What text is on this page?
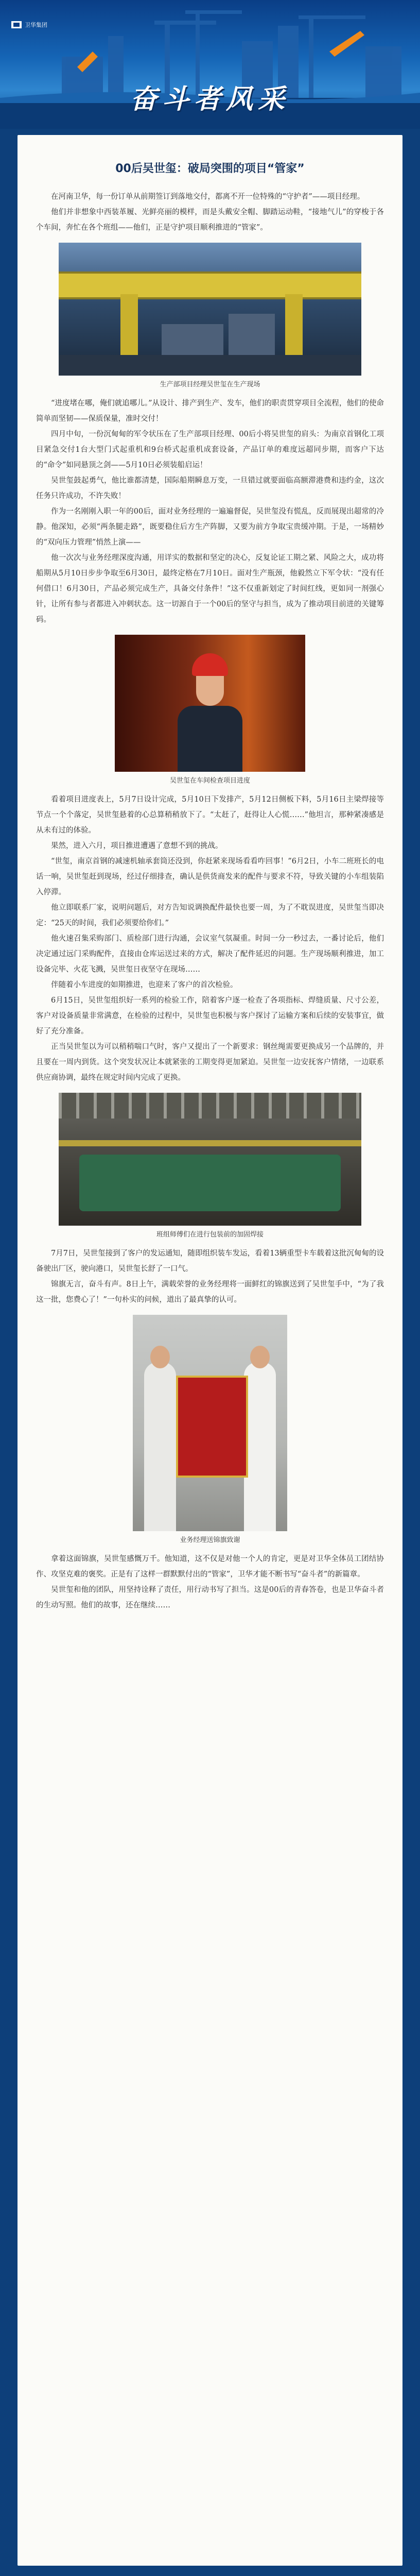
卫华集团
奋斗者风采
00后吴世玺：破局突围的项目“管家”

在河南卫华，每一份订单从前期签订到落地交付，都离不开一位特殊的“守护者”——项目经理。

他们并非想象中西装革履、光鲜亮丽的模样，而是头戴安全帽、脚踏运动鞋，“接地气儿”的穿梭于各个车间，奔忙在各个班组——他们，正是守护项目顺利推进的“管家”。

生产部项目经理吴世玺在生产现场

“进度堵在哪，俺们就追哪儿。”从设计、排产到生产、发车，他们的职责贯穿项目全流程，他们的使命简单而坚韧——保质保量，准时交付！

四月中旬，一份沉甸甸的军令状压在了生产部项目经理、00后小将吴世玺的肩头：为南京首钢化工项目紧急交付1台大型门式起重机和9台桥式起重机成套设备，产品订单的难度远超同步期，而客户下达的“命令”如同悬顶之剑——5月10日必须装船启运！

吴世玺鼓起勇气，他比谁都清楚，国际船期瞬息万变，一旦错过就要面临高额滞港费和违约金，这次任务只许成功，不许失败！

作为一名刚刚入职一年的00后，面对业务经理的一遍遍督促，吴世玺没有慌乱，反而展现出超常的冷静。他深知，必须“两条腿走路”，既要稳住后方生产阵脚，又要为前方争取宝贵缓冲期。于是，一场精妙的“双向压力管理”悄然上演——

他一次次与业务经理深度沟通，用详实的数据和坚定的决心，反复论证工期之紧、风险之大，成功将船期从5月10日步步争取至6月30日，最终定格在7月10日。面对生产瓶颈，他毅然立下军令状：“没有任何借口！6月30日，产品必须完成生产，具备交付条件！”这不仅重新划定了时间红线，更如同一剂强心针，让所有参与者都进入冲刺状态。这一切源自于一个00后的坚守与担当，成为了推动项目前进的关键筹码。

吴世玺在车间检查项目进度

看着项目进度表上，5月7日设计完成，5月10日下发排产，5月12日侧板下料，5月16日主梁焊接等节点一个个落定，吴世玺悬着的心总算稍稍放下了。“太赶了，赶得让人心慌……”他坦言，那种紧凑感是从未有过的体验。

果然，进入六月，项目推进遭遇了意想不到的挑战。

“世玺，南京首钢的减速机轴承套筒还没到，你赶紧来现场看看咋回事！”6月2日，小车二班班长的电话一响，吴世玺赶到现场，经过仔细排查，确认是供货商发来的配件与要求不符，导致关键的小车组装陷入停滞。

他立即联系厂家，说明问题后，对方告知说调换配件最快也要一周，为了不耽误进度，吴世玺当即决定：“25天的时间，我们必须要给你们。”

他火速召集采购部门、质检部门进行沟通，会议室气氛凝重。时间一分一秒过去，一番讨论后，他们决定通过远门采购配件，直接由仓库运送过来的方式，解决了配件延迟的问题。生产现场顺利推进，加工设备完毕、火花飞溅，吴世玺日夜坚守在现场……

伴随着小车进度的如期推进，也迎来了客户的首次检验。

6月15日，吴世玺组织好一系列的检验工作，陪着客户逐一检查了各项指标、焊缝质量、尺寸公差，客户对设备质量非常满意，在检验的过程中，吴世玺也积极与客户探讨了运输方案和后续的安装事宜，做好了充分准备。

正当吴世玺以为可以稍稍喘口气时，客户又提出了一个新要求：钢丝绳需要更换成另一个品牌的，并且要在一周内到货。这个突发状况让本就紧张的工期变得更加紧迫。吴世玺一边安抚客户情绪，一边联系供应商协调，最终在规定时间内完成了更换。

班组师傅们在进行包装前的加固焊接

7月7日，吴世玺接到了客户的发运通知，随即组织装车发运，看着13辆重型卡车载着这批沉甸甸的设备驶出厂区，驶向港口，吴世玺长舒了一口气。

锦旗无言，奋斗有声。8日上午，满载荣誉的业务经理将一面鲜红的锦旗送到了吴世玺手中，“为了我这一批，您费心了！”一句朴实的问候，道出了最真挚的认可。

业务经理送锦旗致谢

拿着这面锦旗，吴世玺感慨万千。他知道，这不仅是对他一个人的肯定，更是对卫华全体员工团结协作、攻坚克难的褒奖。正是有了这样一群默默付出的“管家”，卫华才能不断书写“奋斗者”的新篇章。

吴世玺和他的团队，用坚持诠释了责任，用行动书写了担当。这是00后的青春答卷，也是卫华奋斗者的生动写照。他们的故事，还在继续……
